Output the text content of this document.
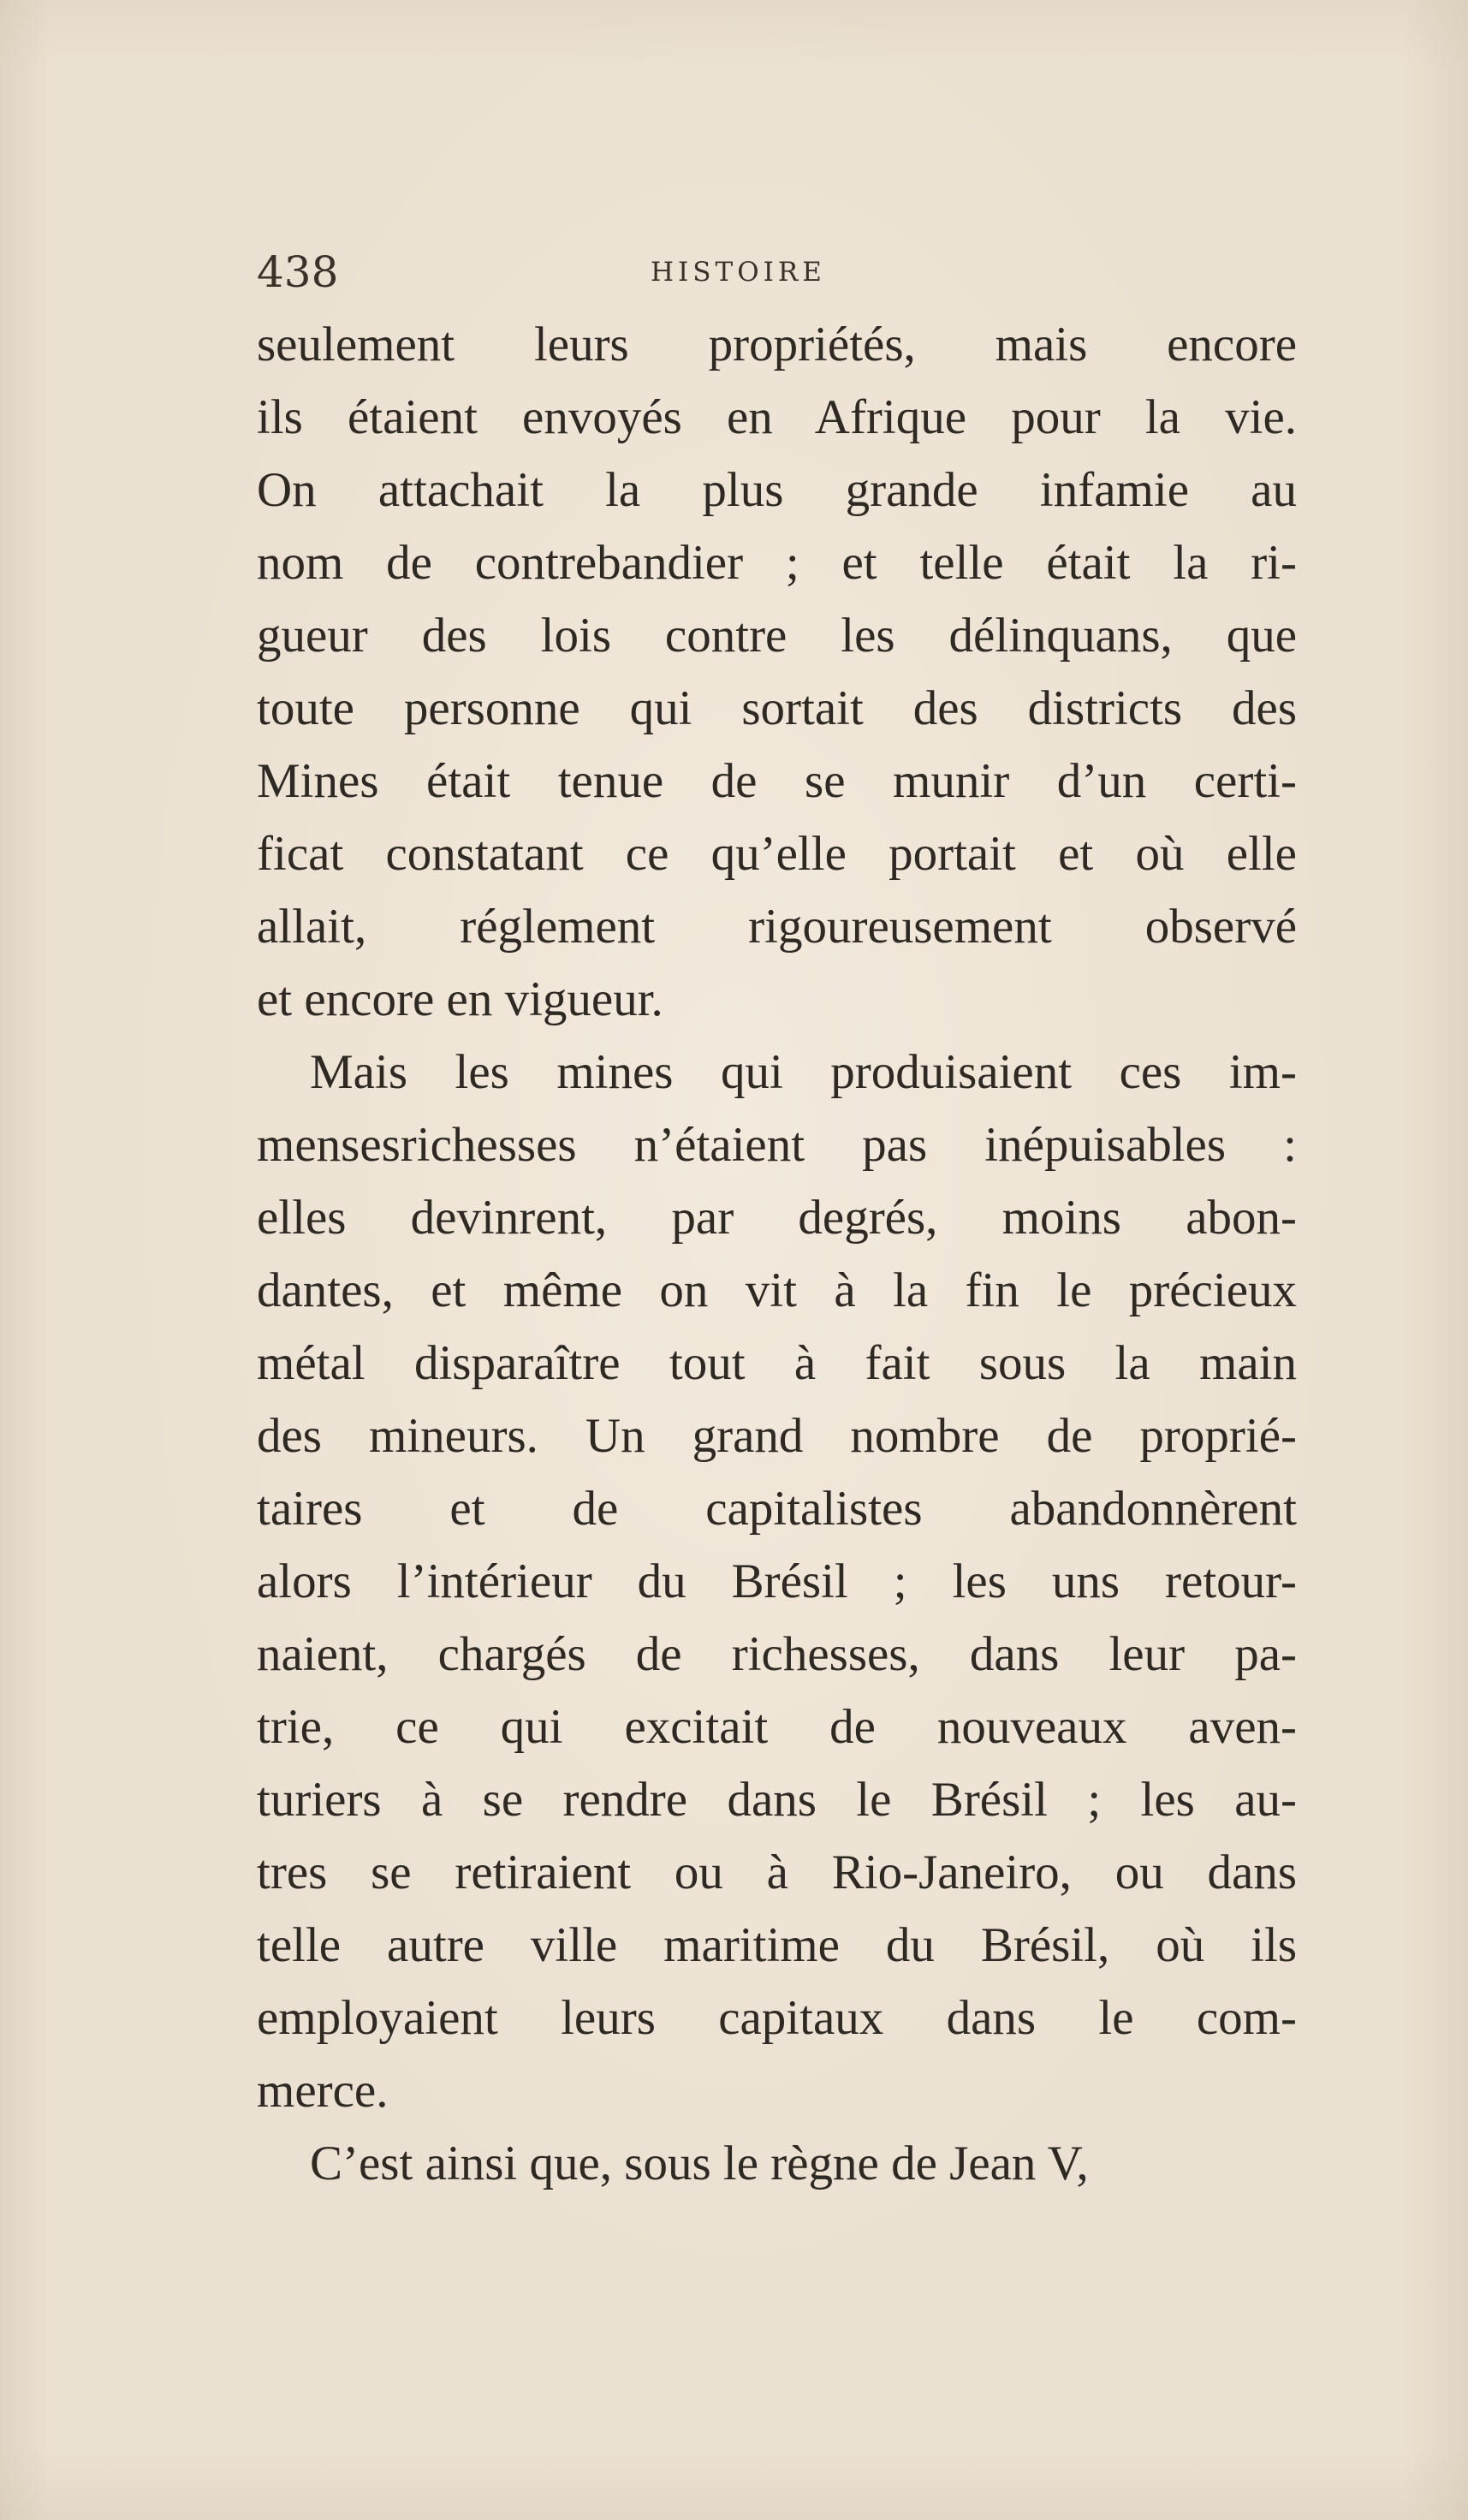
438	HISTOIRE
seulement leurs propriétés, mais encore
ils étaient envoyés en Afrique pour la vie.
On attachait la plus grande infamie au
nom de contrebandier ; et telle était la ri-
gueur des lois contre les délinquans, que
toute personne qui sortait des districts des
Mines était tenue de se munir d’un certi-
ficat constatant ce qu’elle portait et où elle
allait, réglement rigoureusement observé
et encore en vigueur.
Mais les mines qui produisaient ces im-
mensesrichesses n’étaient pas inépuisables :
elles devinrent, par degrés, moins abon-
dantes, et même on vit à la fin le précieux
métal disparaître tout à fait sous la main
des mineurs. Un grand nombre de proprié-
taires et de capitalistes abandonnèrent
alors l’intérieur du Brésil ; les uns retour-
naient, chargés de richesses, dans leur pa-
trie, ce qui excitait de nouveaux aven-
turiers à se rendre dans le Brésil ; les au-
tres se retiraient ou à Rio-Janeiro, ou dans
telle autre ville maritime du Brésil, où ils
employaient leurs capitaux dans le com-
merce.
C’est ainsi que, sous le règne de Jean V,
